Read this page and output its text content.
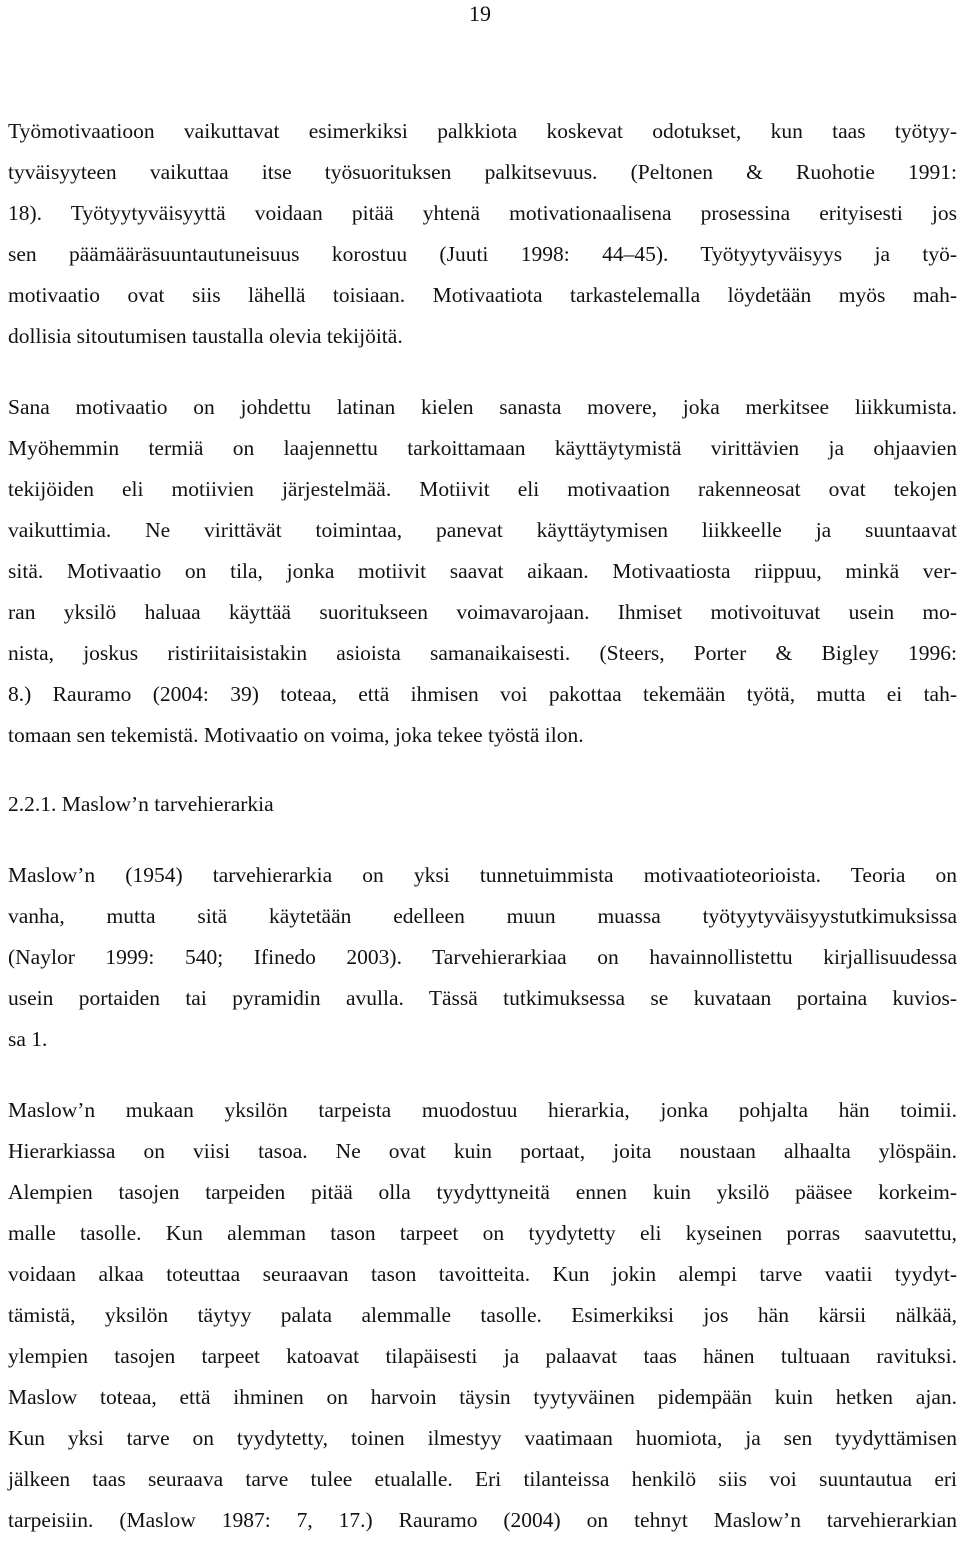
19

Työmotivaatioon vaikuttavat esimerkiksi palkkiota koskevat odotukset, kun taas työtyy-
tyväisyyteen vaikuttaa itse työsuorituksen palkitsevuus. (Peltonen & Ruohotie 1991:
18). Työtyytyväisyyttä voidaan pitää yhtenä motivationaalisena prosessina erityisesti jos
sen päämääräsuuntautuneisuus korostuu (Juuti 1998: 44–45). Työtyytyväisyys ja työ-
motivaatio ovat siis lähellä toisiaan. Motivaatiota tarkastelemalla löydetään myös mah-
dollisia sitoutumisen taustalla olevia tekijöitä.

Sana motivaatio on johdettu latinan kielen sanasta movere, joka merkitsee liikkumista.
Myöhemmin termiä on laajennettu tarkoittamaan käyttäytymistä virittävien ja ohjaavien
tekijöiden eli motiivien järjestelmää. Motiivit eli motivaation rakenneosat ovat tekojen
vaikuttimia. Ne virittävät toimintaa, panevat käyttäytymisen liikkeelle ja suuntaavat
sitä. Motivaatio on tila, jonka motiivit saavat aikaan. Motivaatiosta riippuu, minkä ver-
ran yksilö haluaa käyttää suoritukseen voimavarojaan. Ihmiset motivoituvat usein mo-
nista, joskus ristiriitaisistakin asioista samanaikaisesti. (Steers, Porter & Bigley 1996:
8.) Rauramo (2004: 39) toteaa, että ihmisen voi pakottaa tekemään työtä, mutta ei tah-
tomaan sen tekemistä. Motivaatio on voima, joka tekee työstä ilon.

2.2.1. Maslow’n tarvehierarkia

Maslow’n (1954) tarvehierarkia on yksi tunnetuimmista motivaatioteorioista. Teoria on
vanha, mutta sitä käytetään edelleen muun muassa työtyytyväisyystutkimuksissa
(Naylor 1999: 540; Ifinedo 2003). Tarvehierarkiaa on havainnollistettu kirjallisuudessa
usein portaiden tai pyramidin avulla. Tässä tutkimuksessa se kuvataan portaina kuvios-
sa 1.

Maslow’n mukaan yksilön tarpeista muodostuu hierarkia, jonka pohjalta hän toimii.
Hierarkiassa on viisi tasoa. Ne ovat kuin portaat, joita noustaan alhaalta ylöspäin.
Alempien tasojen tarpeiden pitää olla tyydyttyneitä ennen kuin yksilö pääsee korkeim-
malle tasolle. Kun alemman tason tarpeet on tyydytetty eli kyseinen porras saavutettu,
voidaan alkaa toteuttaa seuraavan tason tavoitteita. Kun jokin alempi tarve vaatii tyydyt-
tämistä, yksilön täytyy palata alemmalle tasolle. Esimerkiksi jos hän kärsii nälkää,
ylempien tasojen tarpeet katoavat tilapäisesti ja palaavat taas hänen tultuaan ravituksi.
Maslow toteaa, että ihminen on harvoin täysin tyytyväinen pidempään kuin hetken ajan.
Kun yksi tarve on tyydytetty, toinen ilmestyy vaatimaan huomiota, ja sen tyydyttämisen
jälkeen taas seuraava tarve tulee etualalle. Eri tilanteissa henkilö siis voi suuntautua eri
tarpeisiin. (Maslow 1987: 7, 17.) Rauramo (2004) on tehnyt Maslow’n tarvehierarkian
